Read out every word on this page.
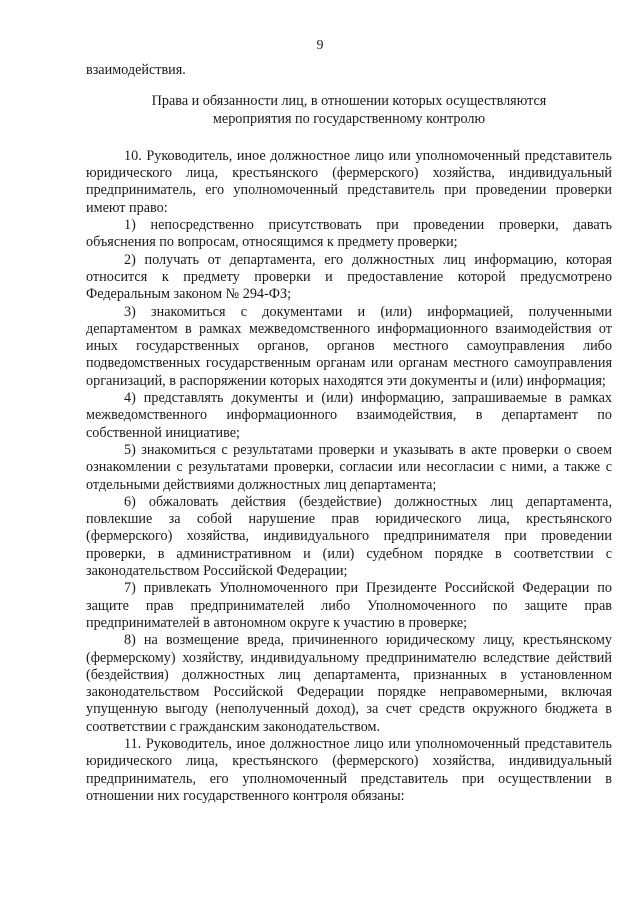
9

взаимодействия.

Права и обязанности лиц, в отношении которых осуществляются мероприятия по государственному контролю

10. Руководитель, иное должностное лицо или уполномоченный представитель юридического лица, крестьянского (фермерского) хозяйства, индивидуальный предприниматель, его уполномоченный представитель при проведении проверки имеют право:

1) непосредственно присутствовать при проведении проверки, давать объяснения по вопросам, относящимся к предмету проверки;

2) получать от департамента, его должностных лиц информацию, которая относится к предмету проверки и предоставление которой предусмотрено Федеральным законом № 294-ФЗ;

3) знакомиться с документами и (или) информацией, полученными департаментом в рамках межведомственного информационного взаимодействия от иных государственных органов, органов местного самоуправления либо подведомственных государственным органам или органам местного самоуправления организаций, в распоряжении которых находятся эти документы и (или) информация;

4) представлять документы и (или) информацию, запрашиваемые в рамках межведомственного информационного взаимодействия, в департамент по собственной инициативе;

5) знакомиться с результатами проверки и указывать в акте проверки о своем ознакомлении с результатами проверки, согласии или несогласии с ними, а также с отдельными действиями должностных лиц департамента;

6) обжаловать действия (бездействие) должностных лиц департамента, повлекшие за собой нарушение прав юридического лица, крестьянского (фермерского) хозяйства, индивидуального предпринимателя при проведении проверки, в административном и (или) судебном порядке в соответствии с законодательством Российской Федерации;

7) привлекать Уполномоченного при Президенте Российской Федерации по защите прав предпринимателей либо Уполномоченного по защите прав предпринимателей в автономном округе к участию в проверке;

8) на возмещение вреда, причиненного юридическому лицу, крестьянскому (фермерскому) хозяйству, индивидуальному предпринимателю вследствие действий (бездействия) должностных лиц департамента, признанных в установленном законодательством Российской Федерации порядке неправомерными, включая упущенную выгоду (неполученный доход), за счет средств окружного бюджета в соответствии с гражданским законодательством.

11. Руководитель, иное должностное лицо или уполномоченный представитель юридического лица, крестьянского (фермерского) хозяйства, индивидуальный предприниматель, его уполномоченный представитель при осуществлении в отношении них государственного контроля обязаны:
